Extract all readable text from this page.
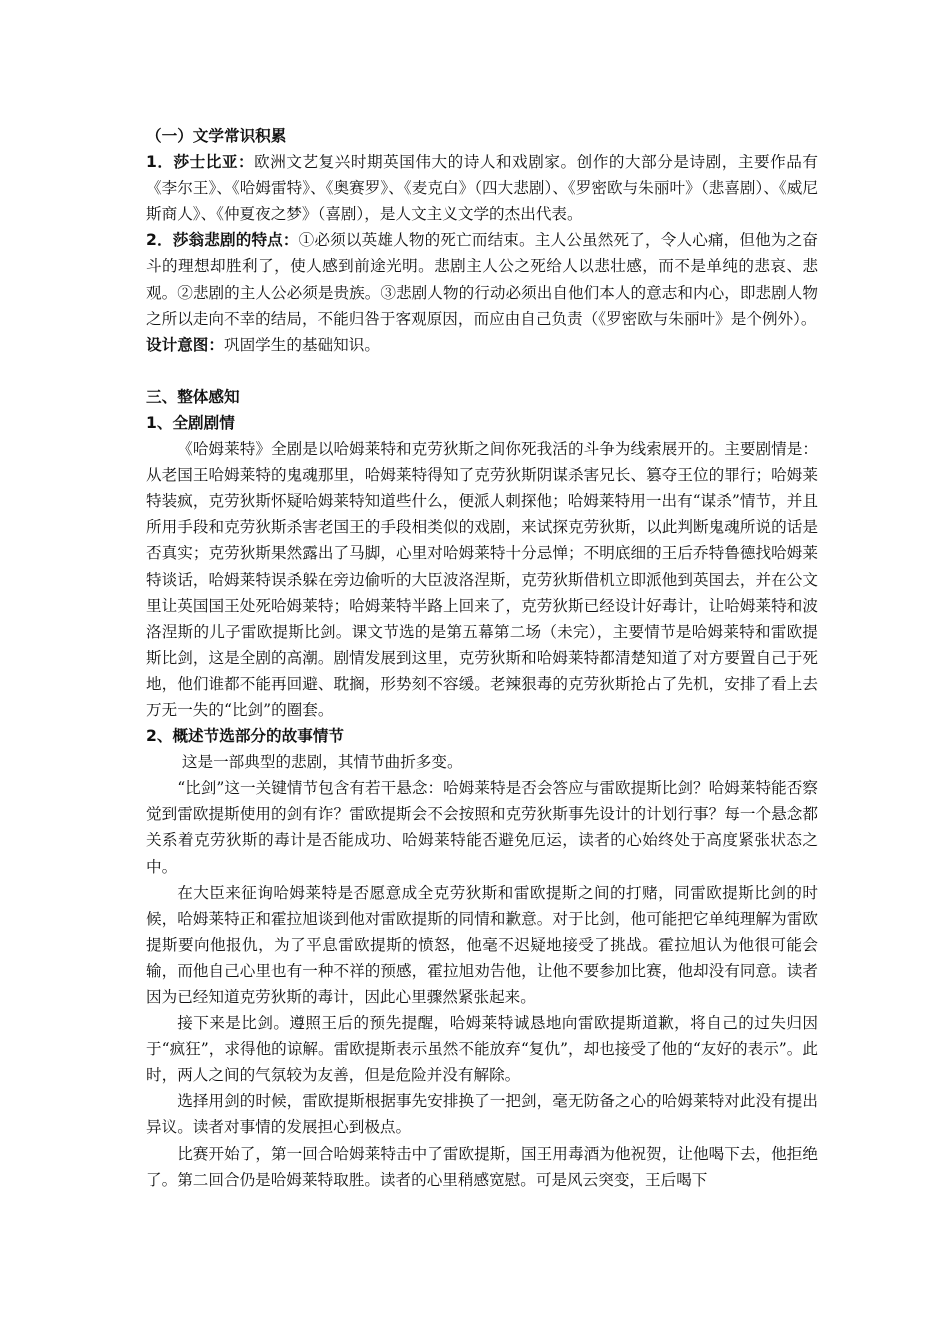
（一）文学常识积累

1．莎士比亚：欧洲文艺复兴时期英国伟大的诗人和戏剧家。创作的大部分是诗剧，主要作品有《李尔王》、《哈姆雷特》、《奥赛罗》、《麦克白》（四大悲剧）、《罗密欧与朱丽叶》（悲喜剧）、《威尼斯商人》、《仲夏夜之梦》（喜剧），是人文主义文学的杰出代表。

2．莎翁悲剧的特点：①必须以英雄人物的死亡而结束。主人公虽然死了，令人心痛，但他为之奋斗的理想却胜利了，使人感到前途光明。悲剧主人公之死给人以悲壮感，而不是单纯的悲哀、悲观。②悲剧的主人公必须是贵族。③悲剧人物的行动必须出自他们本人的意志和内心，即悲剧人物之所以走向不幸的结局，不能归咎于客观原因，而应由自己负责（《罗密欧与朱丽叶》是个例外）。

设计意图：巩固学生的基础知识。

三、整体感知
1、全剧剧情

《哈姆莱特》全剧是以哈姆莱特和克劳狄斯之间你死我活的斗争为线索展开的。主要剧情是：从老国王哈姆莱特的鬼魂那里，哈姆莱特得知了克劳狄斯阴谋杀害兄长、篡夺王位的罪行；哈姆莱特装疯，克劳狄斯怀疑哈姆莱特知道些什么，便派人刺探他；哈姆莱特用一出有“谋杀”情节，并且所用手段和克劳狄斯杀害老国王的手段相类似的戏剧，来试探克劳狄斯，以此判断鬼魂所说的话是否真实；克劳狄斯果然露出了马脚，心里对哈姆莱特十分忌惮；不明底细的王后乔特鲁德找哈姆莱特谈话，哈姆莱特误杀躲在旁边偷听的大臣波洛涅斯，克劳狄斯借机立即派他到英国去，并在公文里让英国国王处死哈姆莱特；哈姆莱特半路上回来了，克劳狄斯已经设计好毒计，让哈姆莱特和波洛涅斯的儿子雷欧提斯比剑。课文节选的是第五幕第二场（未完），主要情节是哈姆莱特和雷欧提斯比剑，这是全剧的高潮。剧情发展到这里，克劳狄斯和哈姆莱特都清楚知道了对方要置自己于死地，他们谁都不能再回避、耽搁，形势刻不容缓。老辣狠毒的克劳狄斯抢占了先机，安排了看上去万无一失的“比剑”的圈套。

2、概述节选部分的故事情节

这是一部典型的悲剧，其情节曲折多变。

“比剑”这一关键情节包含有若干悬念：哈姆莱特是否会答应与雷欧提斯比剑？哈姆莱特能否察觉到雷欧提斯使用的剑有诈？雷欧提斯会不会按照和克劳狄斯事先设计的计划行事？每一个悬念都关系着克劳狄斯的毒计是否能成功、哈姆莱特能否避免厄运，读者的心始终处于高度紧张状态之中。

在大臣来征询哈姆莱特是否愿意成全克劳狄斯和雷欧提斯之间的打赌，同雷欧提斯比剑的时候，哈姆莱特正和霍拉旭谈到他对雷欧提斯的同情和歉意。对于比剑，他可能把它单纯理解为雷欧提斯要向他报仇，为了平息雷欧提斯的愤怒，他毫不迟疑地接受了挑战。霍拉旭认为他很可能会输，而他自己心里也有一种不祥的预感，霍拉旭劝告他，让他不要参加比赛，他却没有同意。读者因为已经知道克劳狄斯的毒计，因此心里骤然紧张起来。

接下来是比剑。遵照王后的预先提醒，哈姆莱特诚恳地向雷欧提斯道歉，将自己的过失归因于“疯狂”，求得他的谅解。雷欧提斯表示虽然不能放弃“复仇”，却也接受了他的“友好的表示”。此时，两人之间的气氛较为友善，但是危险并没有解除。

选择用剑的时候，雷欧提斯根据事先安排换了一把剑，毫无防备之心的哈姆莱特对此没有提出异议。读者对事情的发展担心到极点。

比赛开始了，第一回合哈姆莱特击中了雷欧提斯，国王用毒酒为他祝贺，让他喝下去，他拒绝了。第二回合仍是哈姆莱特取胜。读者的心里稍感宽慰。可是风云突变，王后喝下
